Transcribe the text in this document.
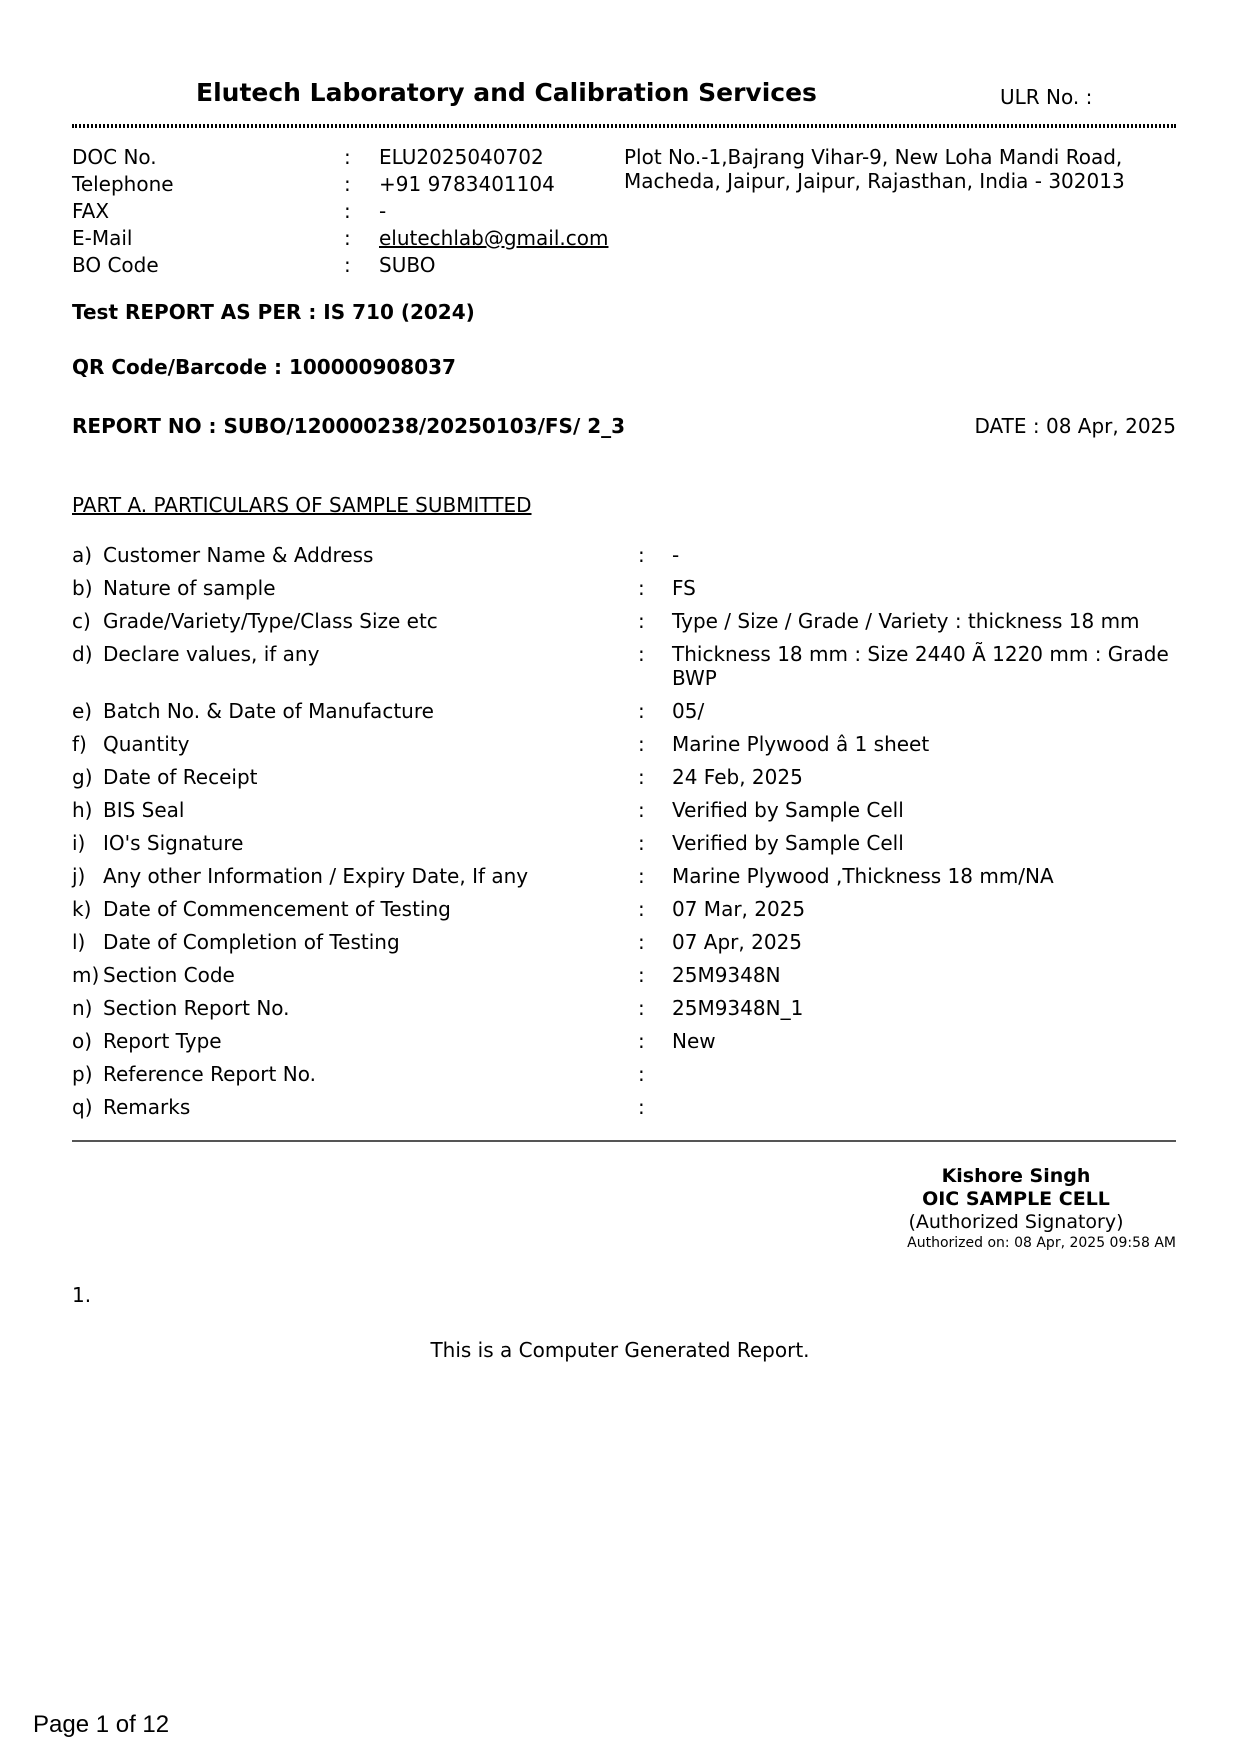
Elutech Laboratory and Calibration Services	ULR No. :
DOC No.	: ELU2025040702
Telephone	: +91 9783401104
FAX	: -
E-Mail	: elutechlab@gmail.com
BO Code	: SUBO
Plot No.-1,Bajrang Vihar-9, New Loha Mandi Road, Macheda, Jaipur, Jaipur, Rajasthan, India - 302013
Test REPORT AS PER : IS 710 (2024)
QR Code/Barcode : 100000908037
REPORT NO : SUBO/120000238/20250103/FS/ 2_3	DATE : 08 Apr, 2025
PART A. PARTICULARS OF SAMPLE SUBMITTED
a) Customer Name & Address	: -
b) Nature of sample	: FS
c) Grade/Variety/Type/Class Size etc	: Type / Size / Grade / Variety : thickness 18 mm
d) Declare values, if any	: Thickness 18 mm : Size 2440 Ã 1220 mm : Grade BWP
e) Batch No. & Date of Manufacture	: 05/
f) Quantity	: Marine Plywood â 1 sheet
g) Date of Receipt	: 24 Feb, 2025
h) BIS Seal	: Verified by Sample Cell
i) IO's Signature	: Verified by Sample Cell
j) Any other Information / Expiry Date, If any	: Marine Plywood ,Thickness 18 mm/NA
k) Date of Commencement of Testing	: 07 Mar, 2025
l) Date of Completion of Testing	: 07 Apr, 2025
m) Section Code	: 25M9348N
n) Section Report No.	: 25M9348N_1
o) Report Type	: New
p) Reference Report No.	:
q) Remarks	:
Kishore Singh
OIC SAMPLE CELL
(Authorized Signatory)
Authorized on: 08 Apr, 2025 09:58 AM
1.
This is a Computer Generated Report.
Page 1 of 12
